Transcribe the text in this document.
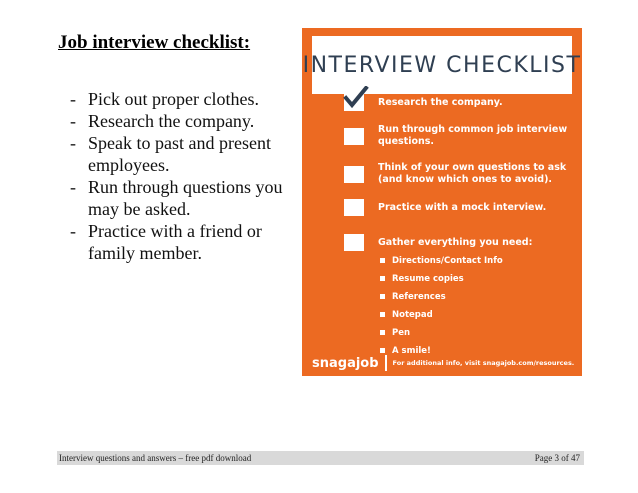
Job interview checklist:
- Pick out proper clothes.
- Research the company.
- Speak to past and present employees.
- Run through questions you may be asked.
- Practice with a friend or family member.
INTERVIEW CHECKLIST
Research the company.
Run through common job interview questions.
Think of your own questions to ask (and know which ones to avoid).
Practice with a mock interview.
Gather everything you need:
Directions/Contact Info
Resume copies
References
Notepad
Pen
A smile!
snagajob For additional info, visit snagajob.com/resources.
Interview questions and answers – free pdf download	Page 3 of 47
